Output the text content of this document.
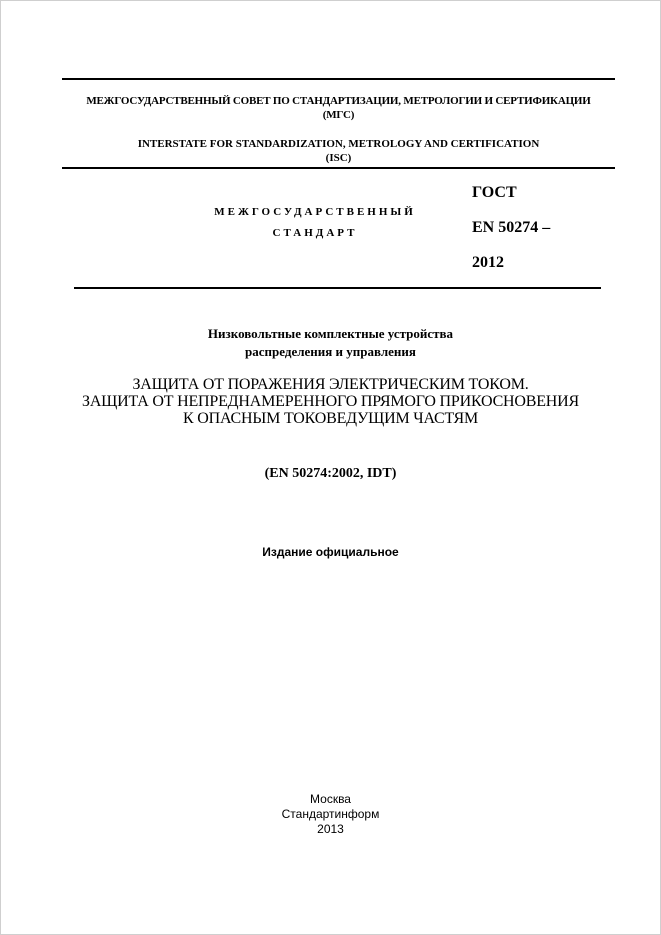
МЕЖГОСУДАРСТВЕННЫЙ СОВЕТ ПО СТАНДАРТИЗАЦИИ, МЕТРОЛОГИИ И СЕРТИФИКАЦИИ
(МГС)
INTERSTATE FOR STANDARDIZATION, METROLOGY AND CERTIFICATION
(ISC)
МЕЖГОСУДАРСТВЕННЫЙ
СТАНДАРТ
ГОСТ
EN 50274 –
2012
Низковольтные комплектные устройства
распределения и управления
ЗАЩИТА ОТ ПОРАЖЕНИЯ ЭЛЕКТРИЧЕСКИМ ТОКОМ.
ЗАЩИТА ОТ НЕПРЕДНАМЕРЕННОГО ПРЯМОГО ПРИКОСНОВЕНИЯ
К ОПАСНЫМ ТОКОВЕДУЩИМ ЧАСТЯМ
(EN 50274:2002, IDT)
Издание официальное
Москва
Стандартинформ
2013
